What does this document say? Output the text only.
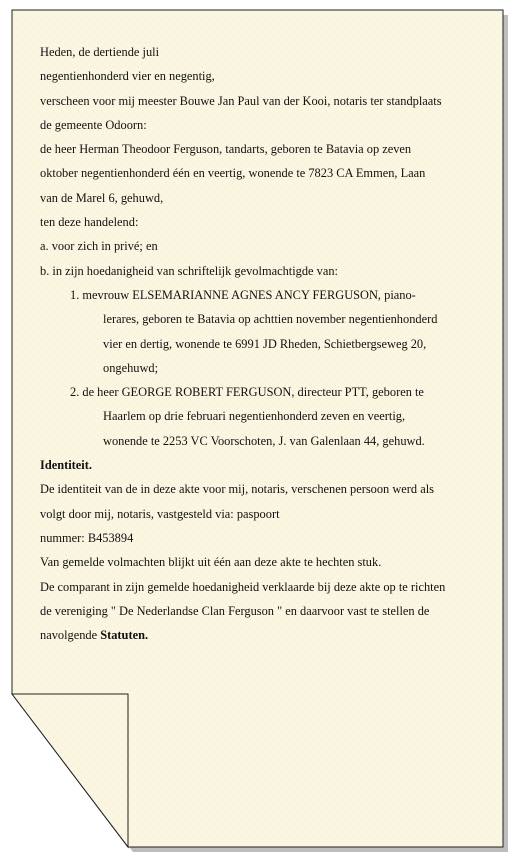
Heden, de dertiende juli
negentienhonderd vier en negentig,
verscheen voor mij meester Bouwe Jan Paul van der Kooi, notaris ter standplaats
de gemeente Odoorn:
de heer Herman Theodoor Ferguson, tandarts, geboren te Batavia op zeven
oktober negentienhonderd één en veertig, wonende te 7823 CA Emmen, Laan
van de Marel 6, gehuwd,
ten deze handelend:
a. voor zich in privé; en
b. in zijn hoedanigheid van schriftelijk gevolmachtigde van:
1. mevrouw ELSEMARIANNE AGNES ANCY FERGUSON, piano-
lerares, geboren te Batavia op achttien november negentienhonderd
vier en dertig, wonende te 6991 JD Rheden, Schietbergseweg 20,
ongehuwd;
2. de heer GEORGE ROBERT FERGUSON, directeur PTT, geboren te
Haarlem op drie februari negentienhonderd zeven en veertig,
wonende te 2253 VC Voorschoten, J. van Galenlaan 44, gehuwd.
Identiteit.
De identiteit van de in deze akte voor mij, notaris, verschenen persoon werd als
volgt door mij, notaris, vastgesteld via: paspoort
nummer: B453894
Van gemelde volmachten blijkt uit één aan deze akte te hechten stuk.
De comparant in zijn gemelde hoedanigheid verklaarde bij deze akte op te richten
de vereniging " De Nederlandse Clan Ferguson " en daarvoor vast te stellen de
navolgende Statuten.
